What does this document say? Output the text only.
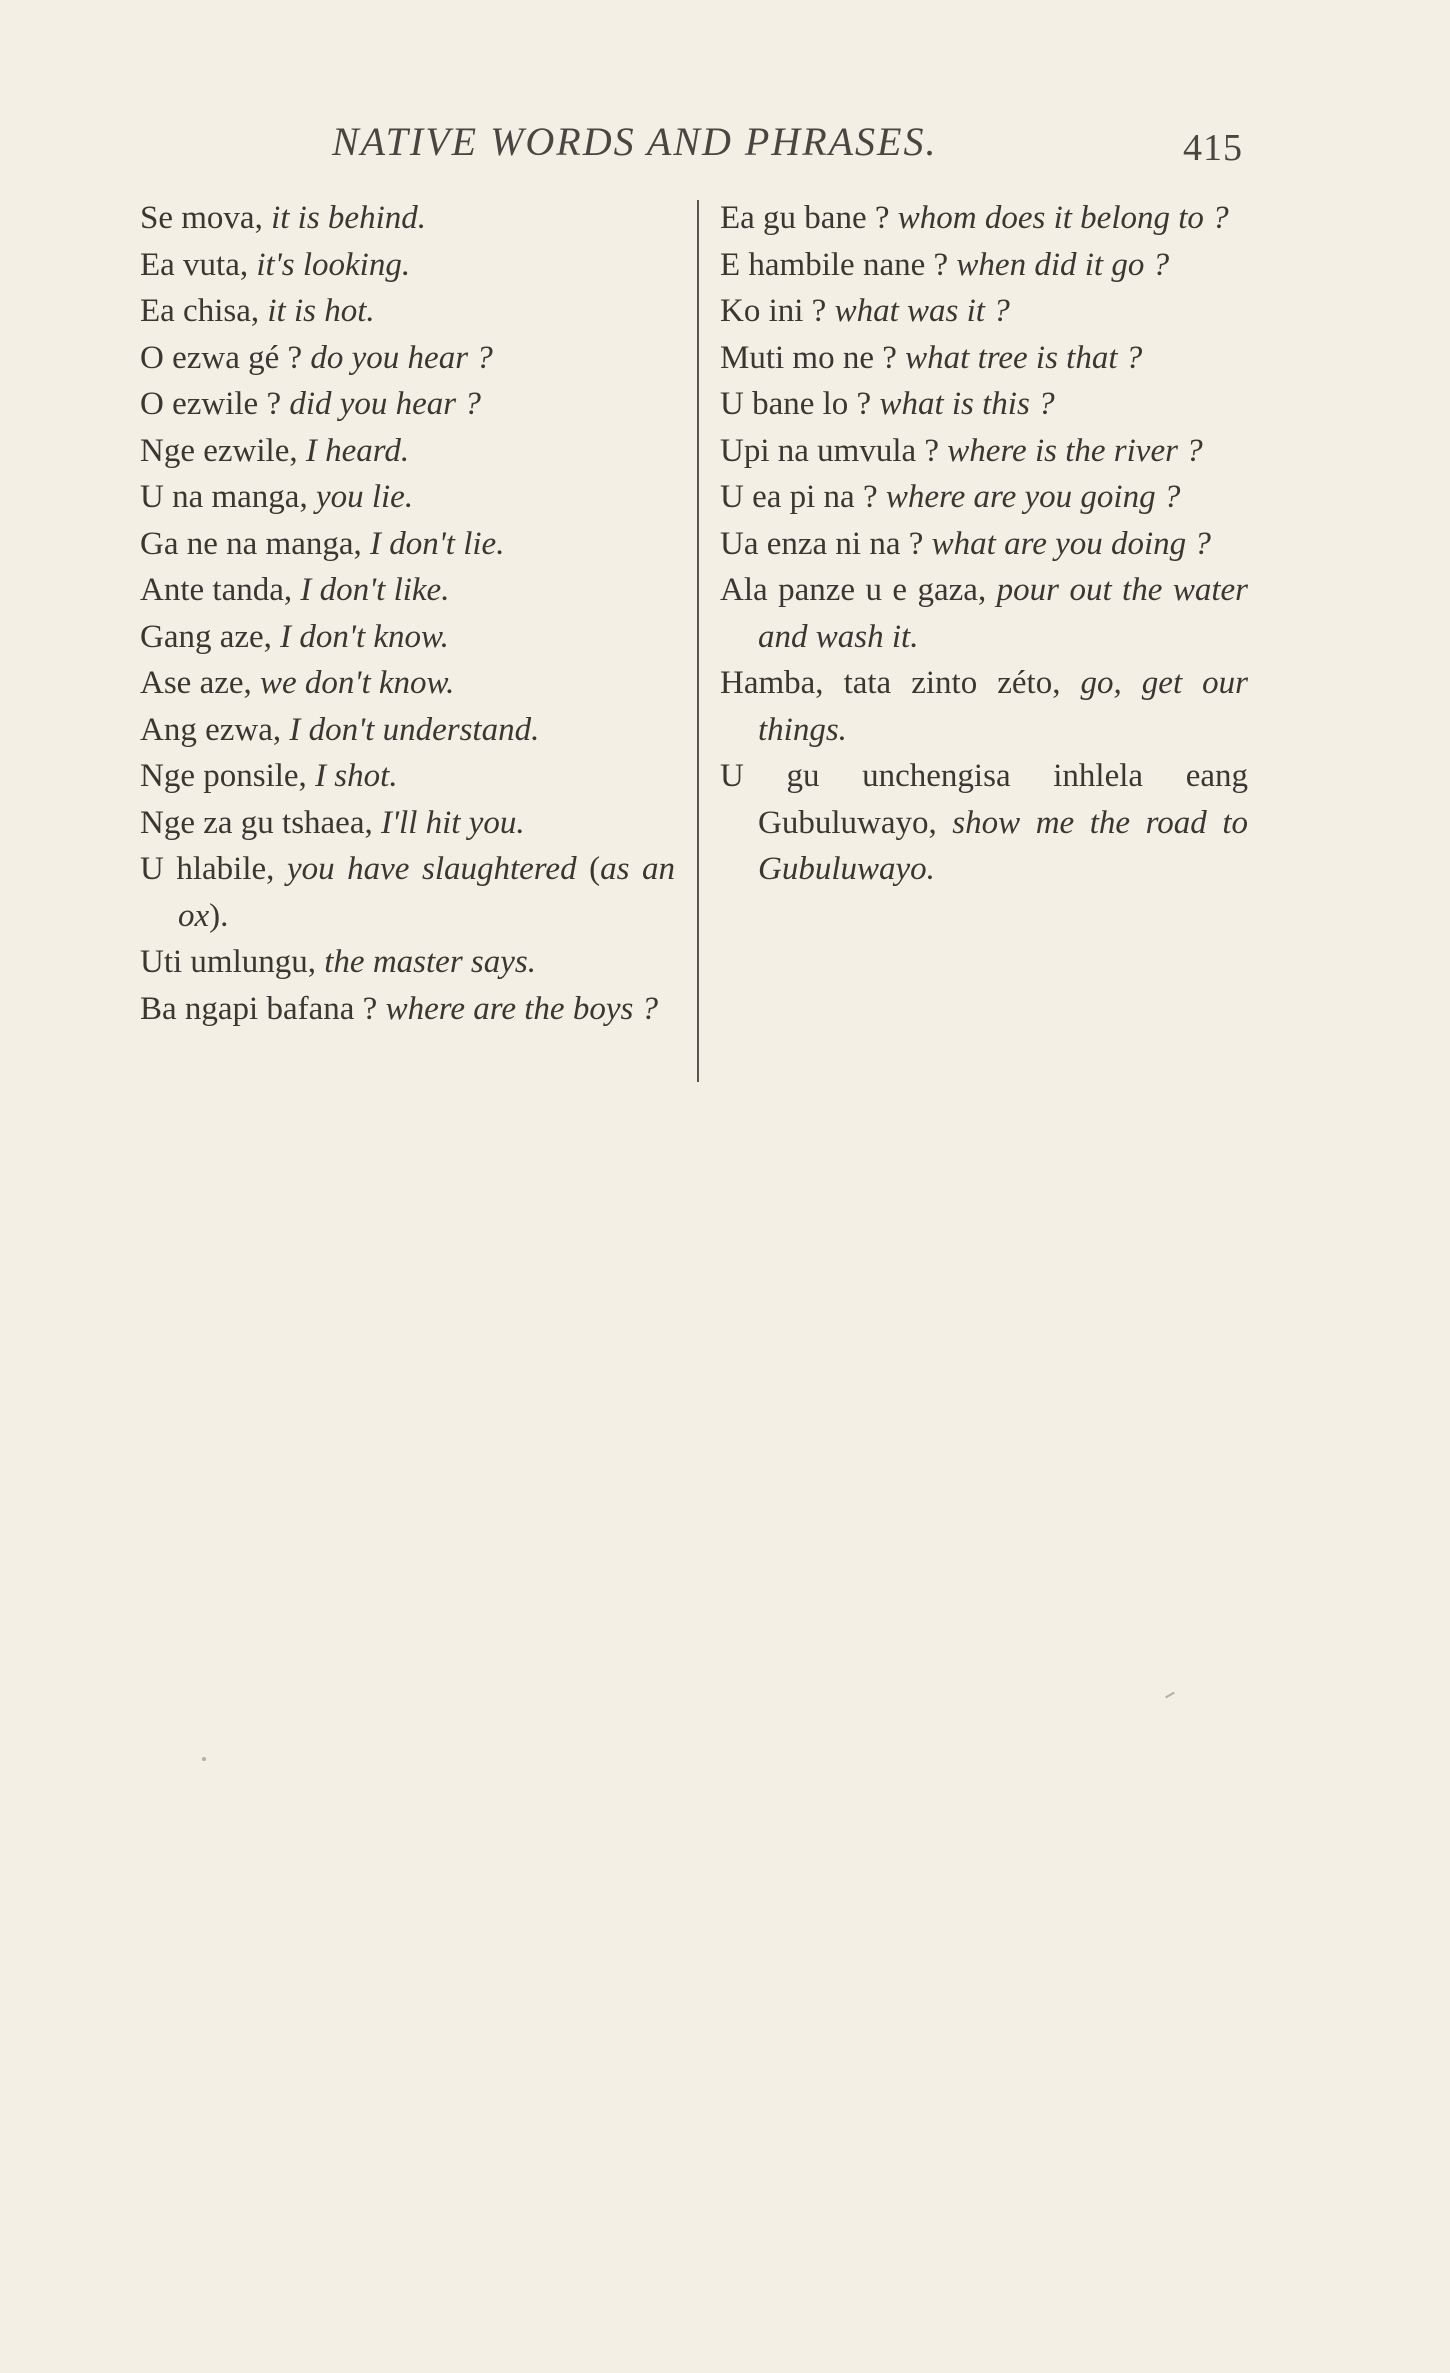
NATIVE WORDS AND PHRASES.	415
Se mova, it is behind.
Ea vuta, it's looking.
Ea chisa, it is hot.
O ezwa gé ? do you hear ?
O ezwile ? did you hear ?
Nge ezwile, I heard.
U na manga, you lie.
Ga ne na manga, I don't lie.
Ante tanda, I don't like.
Gang aze, I don't know.
Ase aze, we don't know.
Ang ezwa, I don't understand.
Nge ponsile, I shot.
Nge za gu tshaea, I'll hit you.
U hlabile, you have slaughtered (as an ox).
Uti umlungu, the master says.
Ba ngapi bafana ? where are the boys ?
Ea gu bane ? whom does it belong to ?
E hambile nane ? when did it go ?
Ko ini ? what was it ?
Muti mo ne ? what tree is that ?
U bane lo ? what is this ?
Upi na umvula ? where is the river ?
U ea pi na ? where are you going ?
Ua enza ni na ? what are you doing ?
Ala panze u e gaza, pour out the water and wash it.
Hamba, tata zinto zéto, go, get our things.
U gu unchengisa inhlela eang Gubuluwayo, show me the road to Gubuluwayo.
